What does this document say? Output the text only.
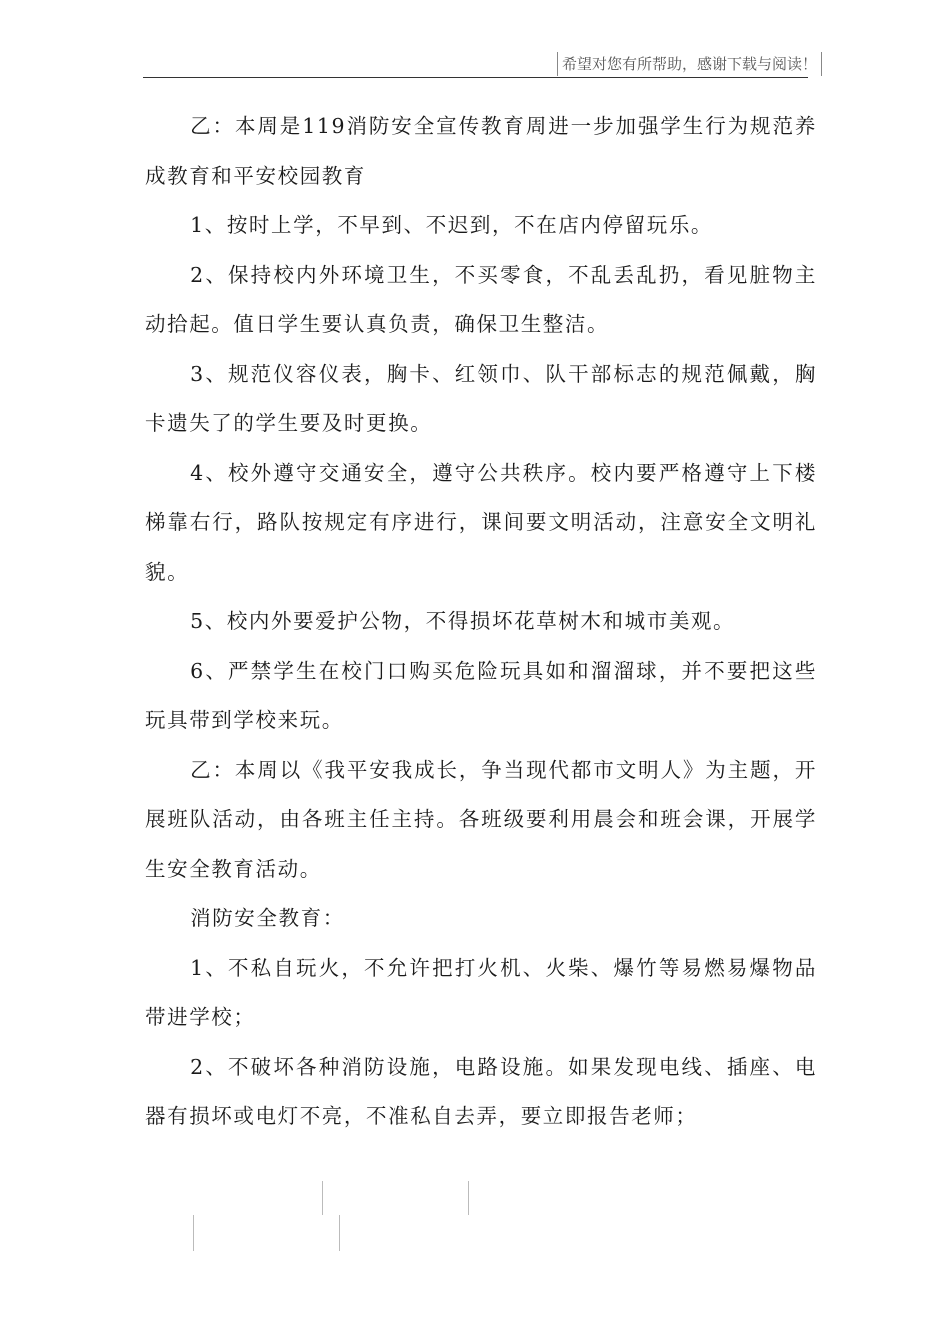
希望对您有所帮助，感谢下载与阅读！

乙：本周是119消防安全宣传教育周进一步加强学生行为规范养成教育和平安校园教育

1、按时上学，不早到、不迟到，不在店内停留玩乐。

2、保持校内外环境卫生，不买零食，不乱丢乱扔，看见脏物主动拾起。值日学生要认真负责，确保卫生整洁。

3、规范仪容仪表，胸卡、红领巾、队干部标志的规范佩戴，胸卡遗失了的学生要及时更换。

4、校外遵守交通安全，遵守公共秩序。校内要严格遵守上下楼梯靠右行，路队按规定有序进行，课间要文明活动，注意安全文明礼貌。

5、校内外要爱护公物，不得损坏花草树木和城市美观。

6、严禁学生在校门口购买危险玩具如和溜溜球，并不要把这些玩具带到学校来玩。

乙：本周以《我平安我成长，争当现代都市文明人》为主题，开展班队活动，由各班主任主持。各班级要利用晨会和班会课，开展学生安全教育活动。

消防安全教育：

1、不私自玩火，不允许把打火机、火柴、爆竹等易燃易爆物品带进学校；

2、不破坏各种消防设施，电路设施。如果发现电线、插座、电器有损坏或电灯不亮，不准私自去弄，要立即报告老师；
